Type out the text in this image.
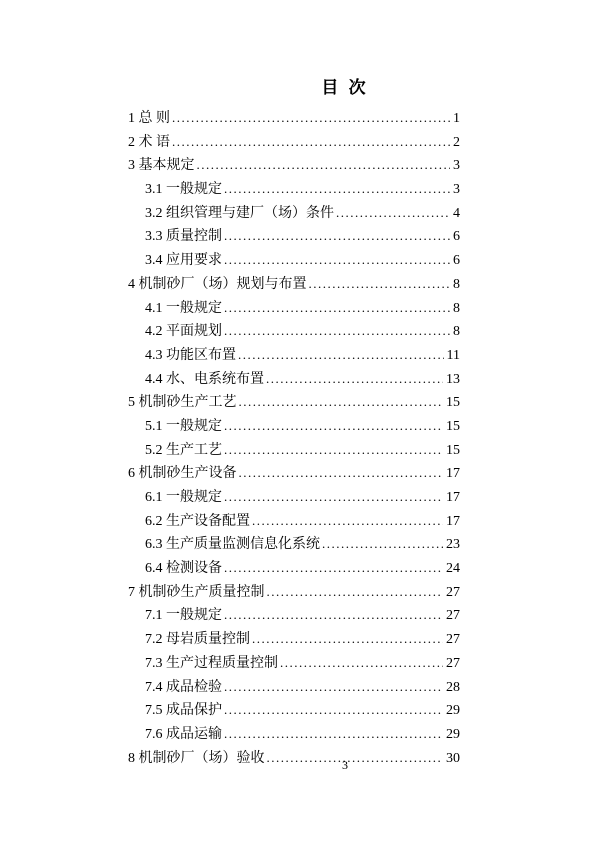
目 次
1 总 则 .....	1
2 术 语 .....	2
3 基本规定 .....	3
3.1 一般规定 .....	3
3.2 组织管理与建厂（场）条件 .....	4
3.3 质量控制 .....	6
3.4 应用要求 .....	6
4 机制砂厂（场）规划与布置 .....	8
4.1 一般规定 .....	8
4.2 平面规划 .....	8
4.3 功能区布置 .....	11
4.4 水、电系统布置 .....	13
5 机制砂生产工艺 .....	15
5.1 一般规定 .....	15
5.2 生产工艺 .....	15
6 机制砂生产设备 .....	17
6.1 一般规定 .....	17
6.2 生产设备配置 .....	17
6.3 生产质量监测信息化系统 .....	23
6.4 检测设备 .....	24
7 机制砂生产质量控制 .....	27
7.1 一般规定 .....	27
7.2 母岩质量控制 .....	27
7.3 生产过程质量控制 .....	27
7.4 成品检验 .....	28
7.5 成品保护 .....	29
7.6 成品运输 .....	29
8 机制砂厂（场）验收 .....	30
3
